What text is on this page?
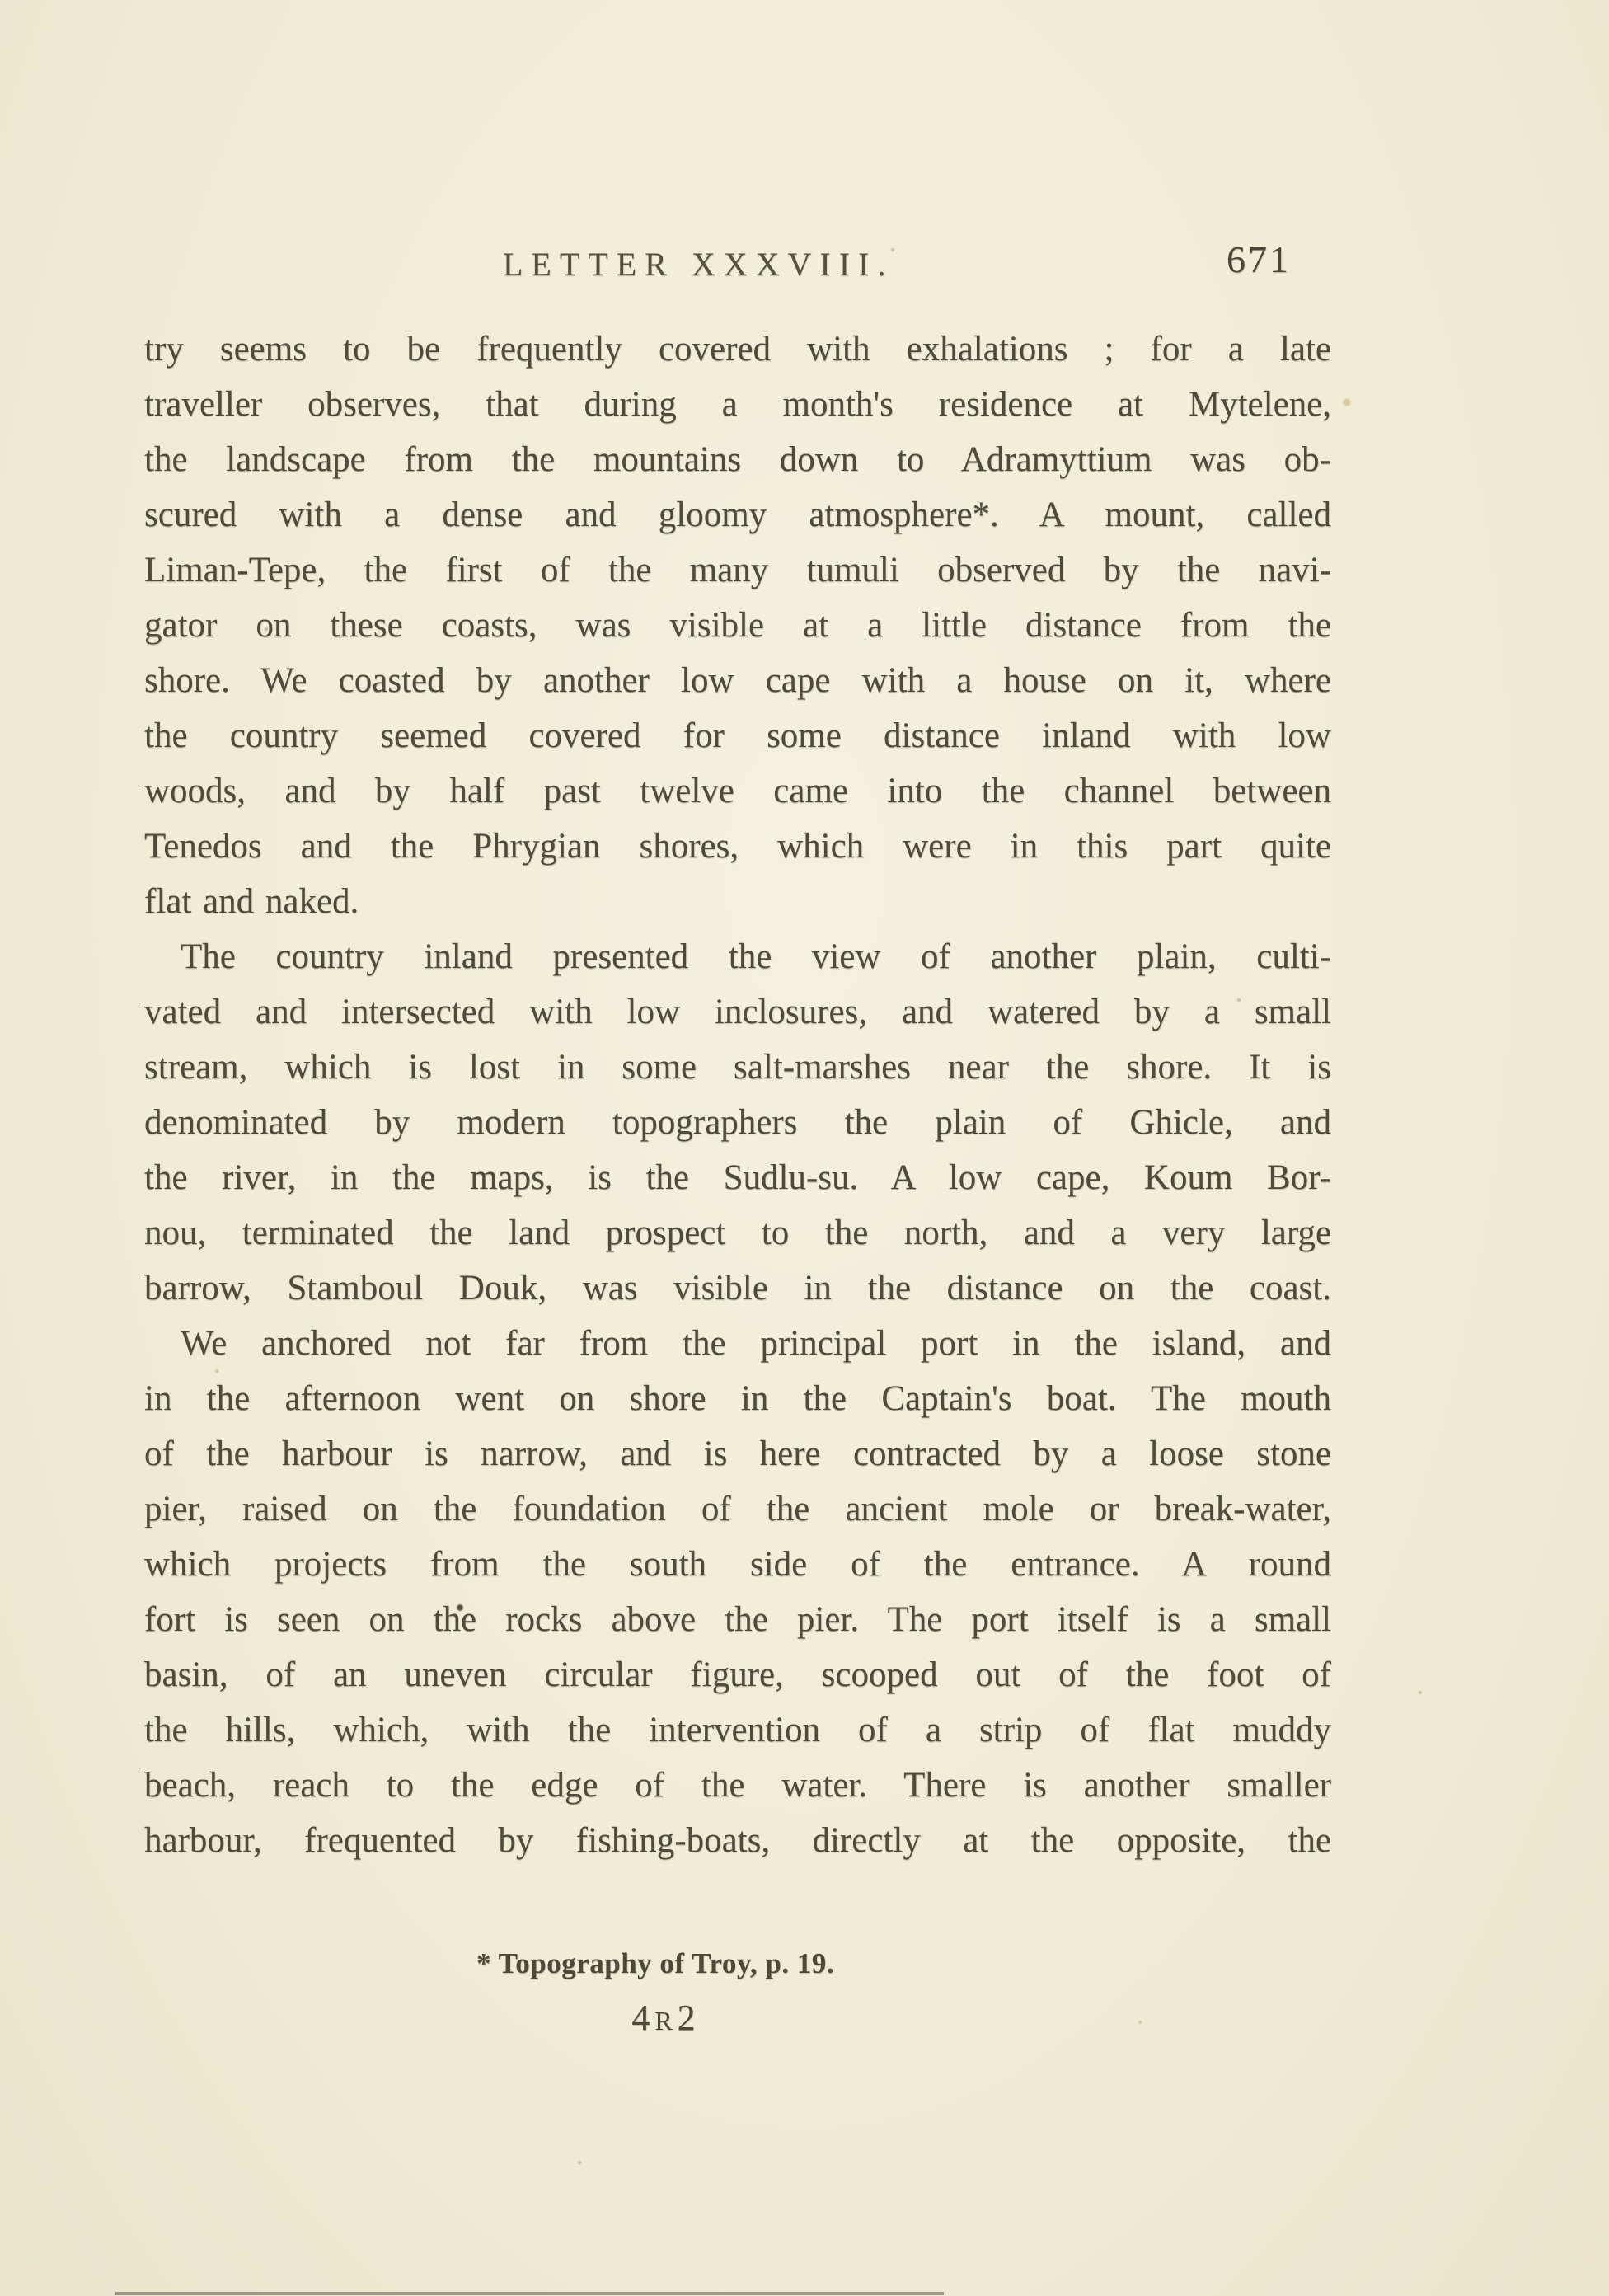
LETTER XXXVIII.	671
try seems to be frequently covered with exhalations ; for a late
traveller observes, that during a month's residence at Mytelene,
the landscape from the mountains down to Adramyttium was ob-
scured with a dense and gloomy atmosphere*. A mount, called
Liman-Tepe, the first of the many tumuli observed by the navi-
gator on these coasts, was visible at a little distance from the
shore. We coasted by another low cape with a house on it, where
the country seemed covered for some distance inland with low
woods, and by half past twelve came into the channel between
Tenedos and the Phrygian shores, which were in this part quite
flat and naked.
The country inland presented the view of another plain, culti-
vated and intersected with low inclosures, and watered by a small
stream, which is lost in some salt-marshes near the shore. It is
denominated by modern topographers the plain of Ghicle, and
the river, in the maps, is the Sudlu-su. A low cape, Koum Bor-
nou, terminated the land prospect to the north, and a very large
barrow, Stamboul Douk, was visible in the distance on the coast.
We anchored not far from the principal port in the island, and
in the afternoon went on shore in the Captain's boat. The mouth
of the harbour is narrow, and is here contracted by a loose stone
pier, raised on the foundation of the ancient mole or break-water,
which projects from the south side of the entrance. A round
fort is seen on the rocks above the pier. The port itself is a small
basin, of an uneven circular figure, scooped out of the foot of
the hills, which, with the intervention of a strip of flat muddy
beach, reach to the edge of the water. There is another smaller
harbour, frequented by fishing-boats, directly at the opposite, the
* Topography of Troy, p. 19.
4 R 2
